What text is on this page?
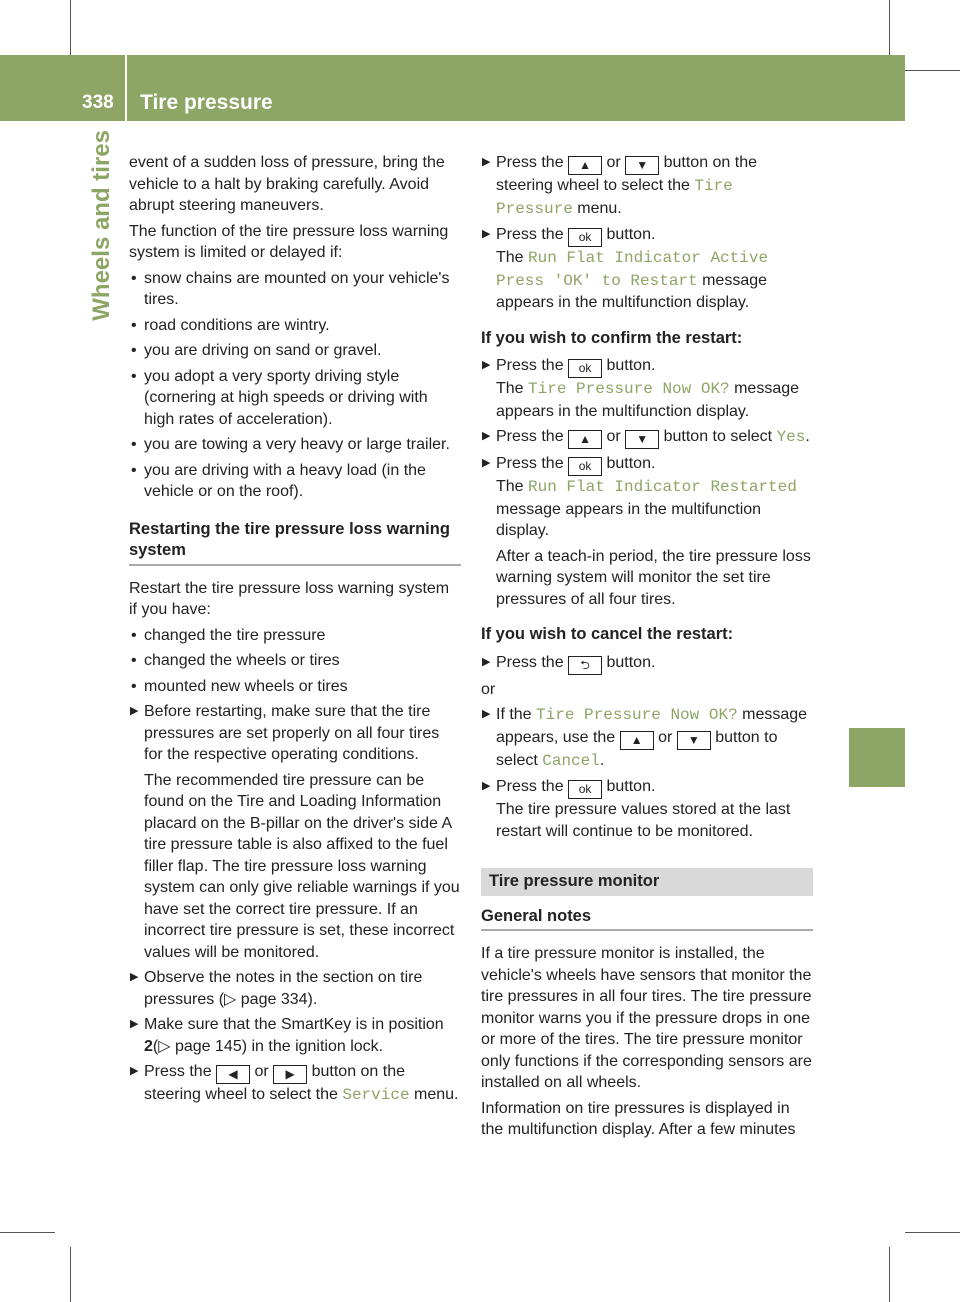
338 Tire pressure
Wheels and tires event of a sudden loss of pressure, bring the vehicle to a halt by braking carefully. Avoid abrupt steering maneuvers.

The function of the tire pressure loss warning system is limited or delayed if:

• snow chains are mounted on your vehicle's tires.
• road conditions are wintry.
• you are driving on sand or gravel.
• you adopt a very sporty driving style (cornering at high speeds or driving with high rates of acceleration).
• you are towing a very heavy or large trailer.
• you are driving with a heavy load (in the vehicle or on the roof).
Restarting the tire pressure loss warning system

Restart the tire pressure loss warning system if you have:

• changed the tire pressure
• changed the wheels or tires
• mounted new wheels or tires
▶ Before restarting, make sure that the tire pressures are set properly on all four tires for the respective operating conditions.
The recommended tire pressure can be found on the Tire and Loading Information placard on the B-pillar on the driver's side A tire pressure table is also affixed to the fuel filler flap. The tire pressure loss warning system can only give reliable warnings if you have set the correct tire pressure. If an incorrect tire pressure is set, these incorrect values will be monitored.
▶ Observe the notes in the section on tire pressures (▷ page 334).
▶ Make sure that the SmartKey is in position 2(▷ page 145) in the ignition lock.
▶ Press the ◀ or ▶ button on the steering wheel to select the Service menu.
▶ Press the ▲ or ▼ button on the steering wheel to select the Tire Pressure menu.
▶ Press the ok button.
The Run Flat Indicator Active Press 'OK' to Restart message appears in the multifunction display.
If you wish to confirm the restart:
▶ Press the ok button.
The Tire Pressure Now OK? message appears in the multifunction display.
▶ Press the ▲ or ▼ button to select Yes.
▶ Press the ok button.
The Run Flat Indicator Restarted message appears in the multifunction display.
After a teach-in period, the tire pressure loss warning system will monitor the set tire pressures of all four tires.
If you wish to cancel the restart:
▶ Press the ⮌ button.

or

▶ If the Tire Pressure Now OK? message appears, use the ▲ or ▼ button to select Cancel.
▶ Press the ok button.
The tire pressure values stored at the last restart will continue to be monitored.
Tire pressure monitor
General notes

If a tire pressure monitor is installed, the vehicle's wheels have sensors that monitor the tire pressures in all four tires. The tire pressure monitor warns you if the pressure drops in one or more of the tires. The tire pressure monitor only functions if the corresponding sensors are installed on all wheels.

Information on tire pressures is displayed in the multifunction display. After a few minutes
